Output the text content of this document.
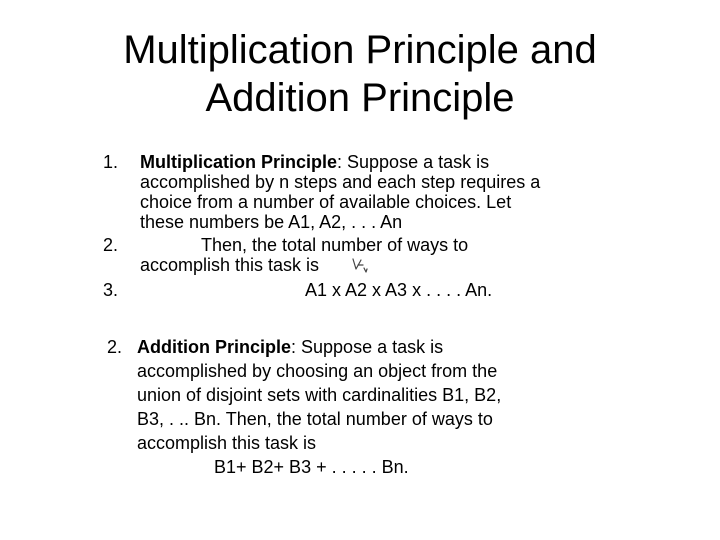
Multiplication Principle and
Addition Principle
1. Multiplication Principle: Suppose a task is
accomplished by n steps and each step requires a
choice from a number of available choices. Let
these numbers be A1, A2, . . . An
2.	Then, the total number of ways to
accomplish this task is
3.	A1 x A2 x A3 x . . . . An.
2. Addition Principle: Suppose a task is
accomplished by choosing an object from the
union of disjoint sets with cardinalities B1, B2,
B3, . .. Bn. Then, the total number of ways to
accomplish this task is
B1+ B2+ B3 + . . . . . Bn.
